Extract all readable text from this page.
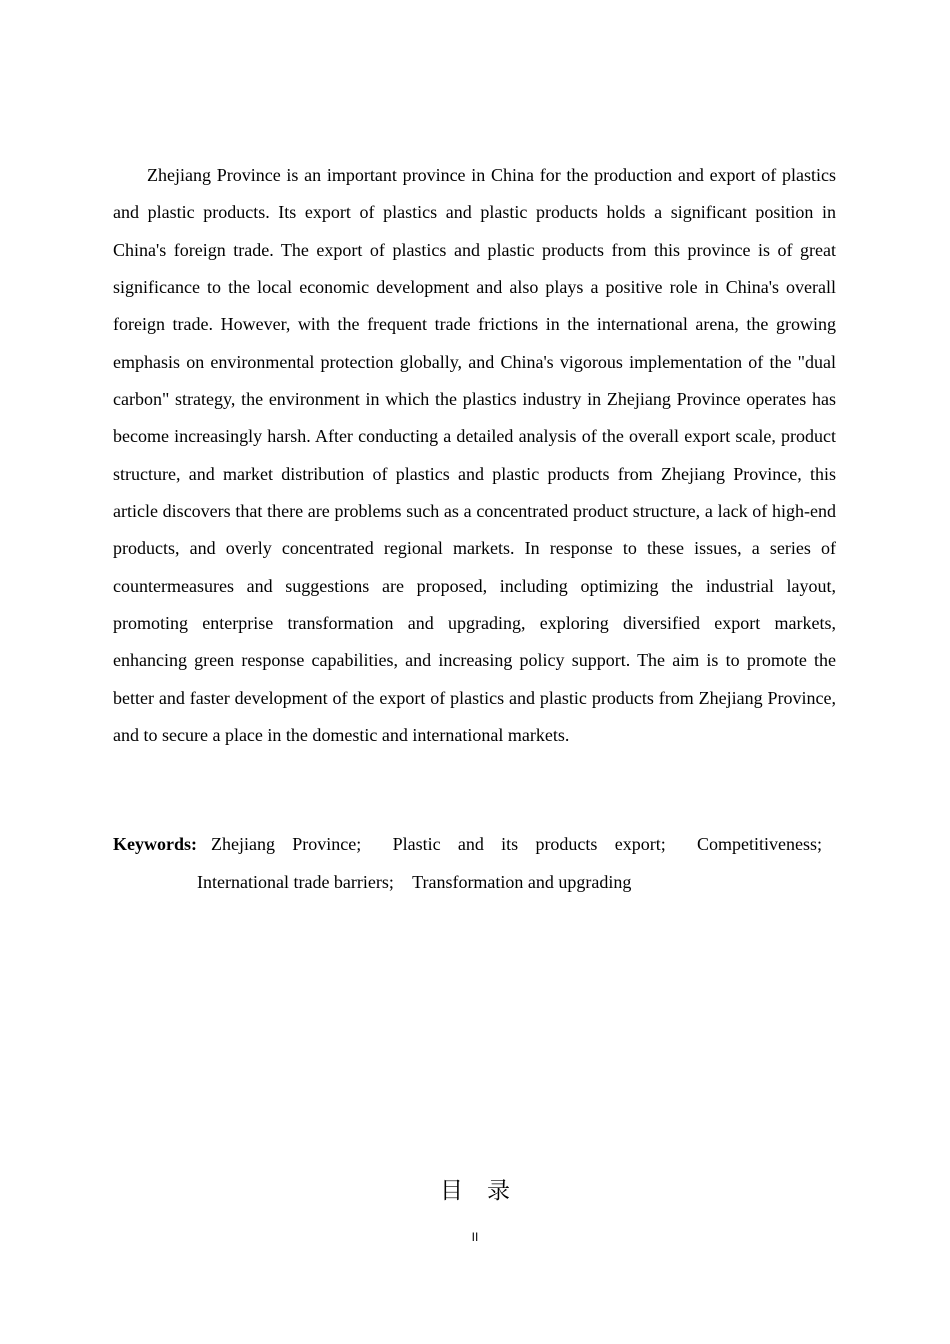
Zhejiang Province is an important province in China for the production and export of plastics and plastic products. Its export of plastics and plastic products holds a significant position in China's foreign trade. The export of plastics and plastic products from this province is of great significance to the local economic development and also plays a positive role in China's overall foreign trade. However, with the frequent trade frictions in the international arena, the growing emphasis on environmental protection globally, and China's vigorous implementation of the "dual carbon" strategy, the environment in which the plastics industry in Zhejiang Province operates has become increasingly harsh. After conducting a detailed analysis of the overall export scale, product structure, and market distribution of plastics and plastic products from Zhejiang Province, this article discovers that there are problems such as a concentrated product structure, a lack of high-end products, and overly concentrated regional markets. In response to these issues, a series of countermeasures and suggestions are proposed, including optimizing the industrial layout, promoting enterprise transformation and upgrading, exploring diversified export markets, enhancing green response capabilities, and increasing policy support. The aim is to promote the better and faster development of the export of plastics and plastic products from Zhejiang Province, and to secure a place in the domestic and international markets.

Keywords: Zhejiang Province; Plastic and its products export; Competitiveness; International trade barriers; Transformation and upgrading

目录
II
